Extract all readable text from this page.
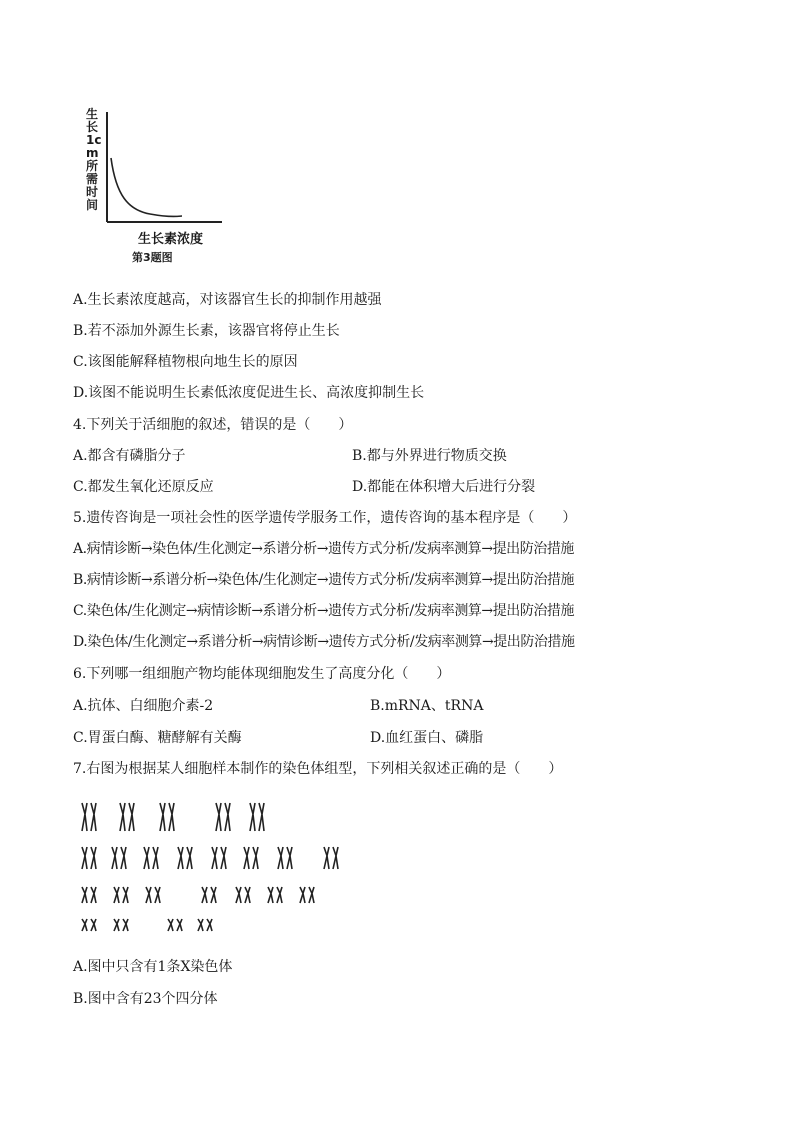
生长1cm所需时间
生长素浓度
第3题图
A.生长素浓度越高，对该器官生长的抑制作用越强
B.若不添加外源生长素，该器官将停止生长
C.该图能解释植物根向地生长的原因
D.该图不能说明生长素低浓度促进生长、高浓度抑制生长
4.下列关于活细胞的叙述，错误的是（　　）
A.都含有磷脂分子	B.都与外界进行物质交换
C.都发生氧化还原反应	D.都能在体积增大后进行分裂
5.遗传咨询是一项社会性的医学遗传学服务工作，遗传咨询的基本程序是（　　）
A.病情诊断→染色体/生化测定→系谱分析→遗传方式分析/发病率测算→提出防治措施
B.病情诊断→系谱分析→染色体/生化测定→遗传方式分析/发病率测算→提出防治措施
C.染色体/生化测定→病情诊断→系谱分析→遗传方式分析/发病率测算→提出防治措施
D.染色体/生化测定→系谱分析→病情诊断→遗传方式分析/发病率测算→提出防治措施
6.下列哪一组细胞产物均能体现细胞发生了高度分化（　　）
A.抗体、白细胞介素-2	B.mRNA、tRNA
C.胃蛋白酶、糖酵解有关酶	D.血红蛋白、磷脂
7.右图为根据某人细胞样本制作的染色体组型，下列相关叙述正确的是（　　）
A.图中只含有1条X染色体
B.图中含有23个四分体
